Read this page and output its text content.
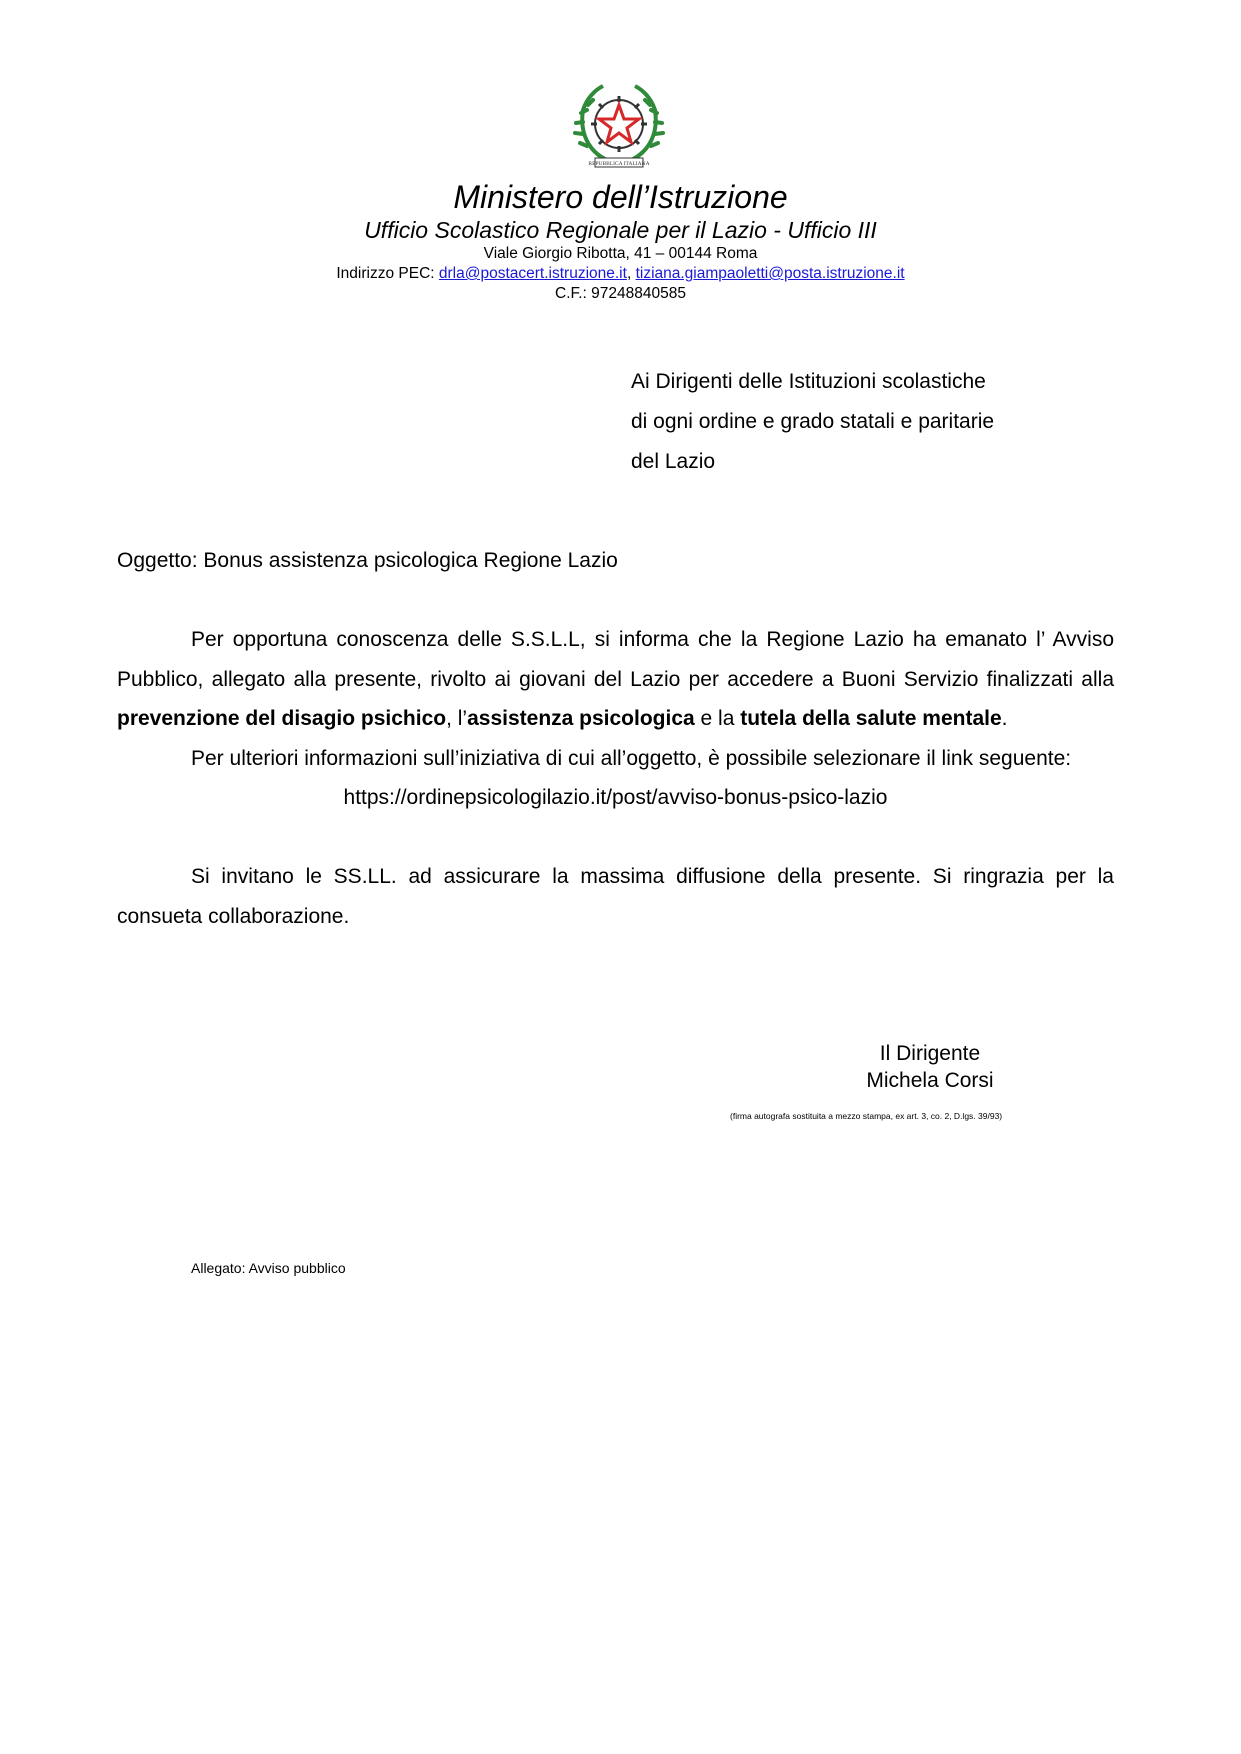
REPUBBLICA ITALIANA
Ministero dell’Istruzione
Ufficio Scolastico Regionale per il Lazio - Ufficio III
Viale Giorgio Ribotta, 41 – 00144 Roma
Indirizzo PEC: drla@postacert.istruzione.it, tiziana.giampaoletti@posta.istruzione.it
C.F.: 97248840585
Ai Dirigenti delle Istituzioni scolastiche
di ogni ordine e grado statali e paritarie
del Lazio
Oggetto: Bonus assistenza psicologica Regione Lazio

Per opportuna conoscenza delle S.S.L.L, si informa che la Regione Lazio ha emanato l’ Avviso Pubblico, allegato alla presente, rivolto ai giovani del Lazio per accedere a Buoni Servizio finalizzati alla prevenzione del disagio psichico, l’assistenza psicologica e la tutela della salute mentale.

Per ulteriori informazioni sull’iniziativa di cui all’oggetto, è possibile selezionare il link seguente:

https://ordinepsicologilazio.it/post/avviso-bonus-psico-lazio

Si invitano le SS.LL. ad assicurare la massima diffusione della presente. Si ringrazia per la consueta collaborazione.

Il Dirigente
Michela Corsi
(firma autografa sostituita a mezzo stampa, ex art. 3, co. 2, D.lgs. 39/93)
Allegato: Avviso pubblico
